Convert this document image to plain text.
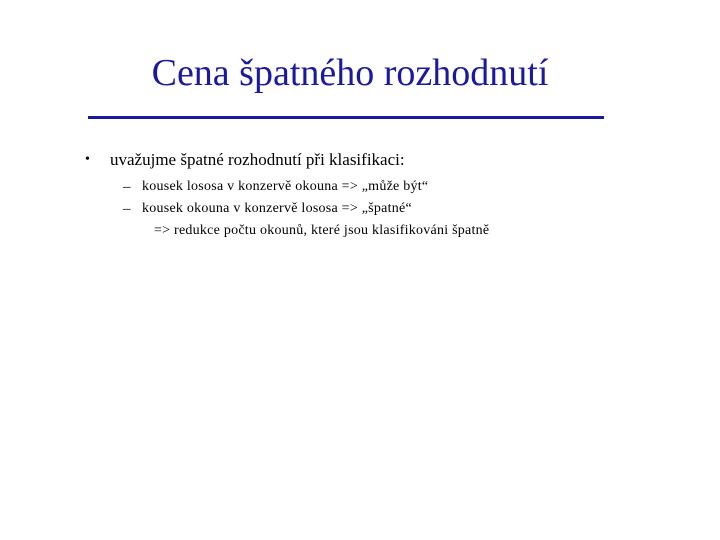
Cena špatného rozhodnutí
• uvažujme špatné rozhodnutí při klasifikaci:
– kousek lososa v konzervě okouna => „může být“
– kousek okouna v konzervě lososa => „špatné“
=> redukce počtu okounů, které jsou klasifikováni špatně
